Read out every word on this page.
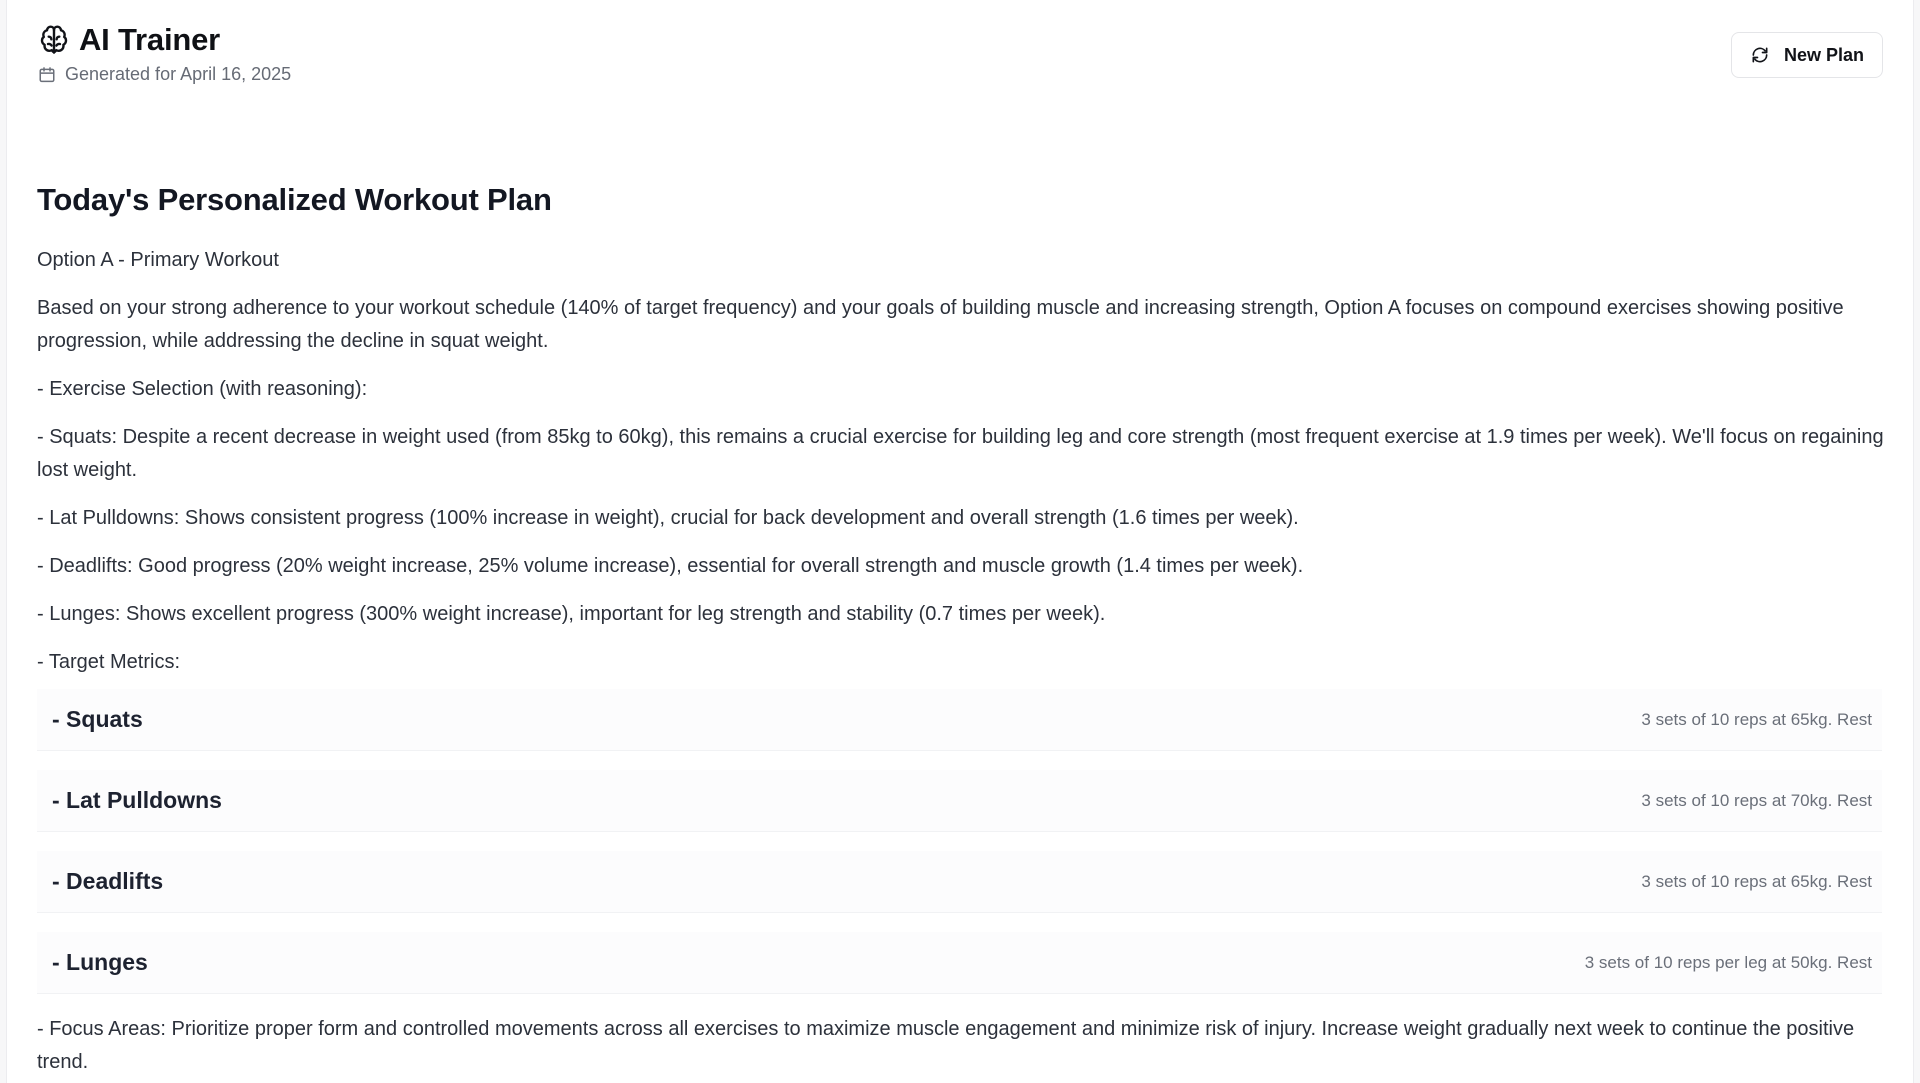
AI Trainer
Generated for April 16, 2025
New Plan
Today's Personalized Workout Plan

Option A - Primary Workout

Based on your strong adherence to your workout schedule (140% of target frequency) and your goals of building muscle and increasing strength, Option A focuses on compound exercises showing positive progression, while addressing the decline in squat weight.

- Exercise Selection (with reasoning):

- Squats: Despite a recent decrease in weight used (from 85kg to 60kg), this remains a crucial exercise for building leg and core strength (most frequent exercise at 1.9 times per week). We'll focus on regaining lost weight.

- Lat Pulldowns: Shows consistent progress (100% increase in weight), crucial for back development and overall strength (1.6 times per week).

- Deadlifts: Good progress (20% weight increase, 25% volume increase), essential for overall strength and muscle growth (1.4 times per week).

- Lunges: Shows excellent progress (300% weight increase), important for leg strength and stability (0.7 times per week).

- Target Metrics:

- Squats	3 sets of 10 reps at 65kg. Rest
- Lat Pulldowns	3 sets of 10 reps at 70kg. Rest
- Deadlifts	3 sets of 10 reps at 65kg. Rest
- Lunges	3 sets of 10 reps per leg at 50kg. Rest

- Focus Areas: Prioritize proper form and controlled movements across all exercises to maximize muscle engagement and minimize risk of injury. Increase weight gradually next week to continue the positive trend.
